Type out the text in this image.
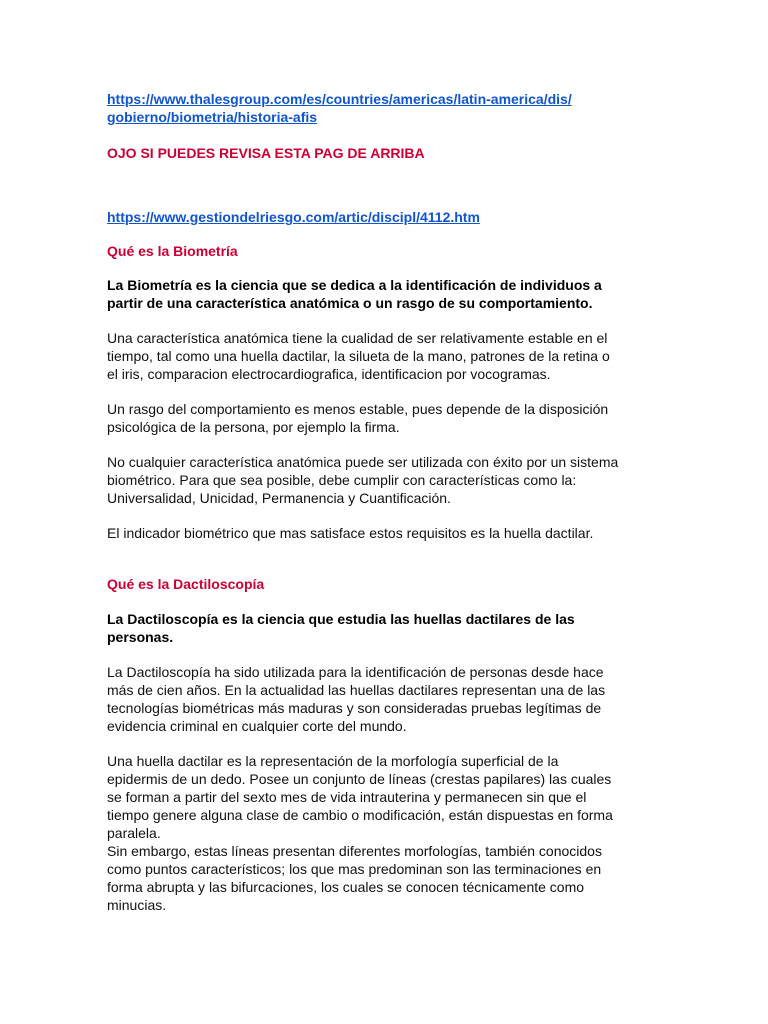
https://www.thalesgroup.com/es/countries/americas/latin-america/dis/
gobierno/biometria/historia-afis

OJO SI PUEDES REVISA ESTA PAG DE ARRIBA

https://www.gestiondelriesgo.com/artic/discipl/4112.htm

Qué es la Biometría

La Biometría es la ciencia que se dedica a la identificación de individuos a
partir de una característica anatómica o un rasgo de su comportamiento.

Una característica anatómica tiene la cualidad de ser relativamente estable en el
tiempo, tal como una huella dactilar, la silueta de la mano, patrones de la retina o
el iris, comparacion electrocardiografica, identificacion por vocogramas.

Un rasgo del comportamiento es menos estable, pues depende de la disposición
psicológica de la persona, por ejemplo la firma.

No cualquier característica anatómica puede ser utilizada con éxito por un sistema
biométrico. Para que sea posible, debe cumplir con características como la:
Universalidad, Unicidad, Permanencia y Cuantificación.

El indicador biométrico que mas satisface estos requisitos es la huella dactilar.

Qué es la Dactiloscopía

La Dactiloscopía es la ciencia que estudia las huellas dactilares de las
personas.

La Dactiloscopía ha sido utilizada para la identificación de personas desde hace
más de cien años. En la actualidad las huellas dactilares representan una de las
tecnologías biométricas más maduras y son consideradas pruebas legítimas de
evidencia criminal en cualquier corte del mundo.

Una huella dactilar es la representación de la morfología superficial de la
epidermis de un dedo. Posee un conjunto de líneas (crestas papilares) las cuales
se forman a partir del sexto mes de vida intrauterina y permanecen sin que el
tiempo genere alguna clase de cambio o modificación, están dispuestas en forma
paralela.
Sin embargo, estas líneas presentan diferentes morfologías, también conocidos
como puntos característicos; los que mas predominan son las terminaciones en
forma abrupta y las bifurcaciones, los cuales se conocen técnicamente como
minucias.
